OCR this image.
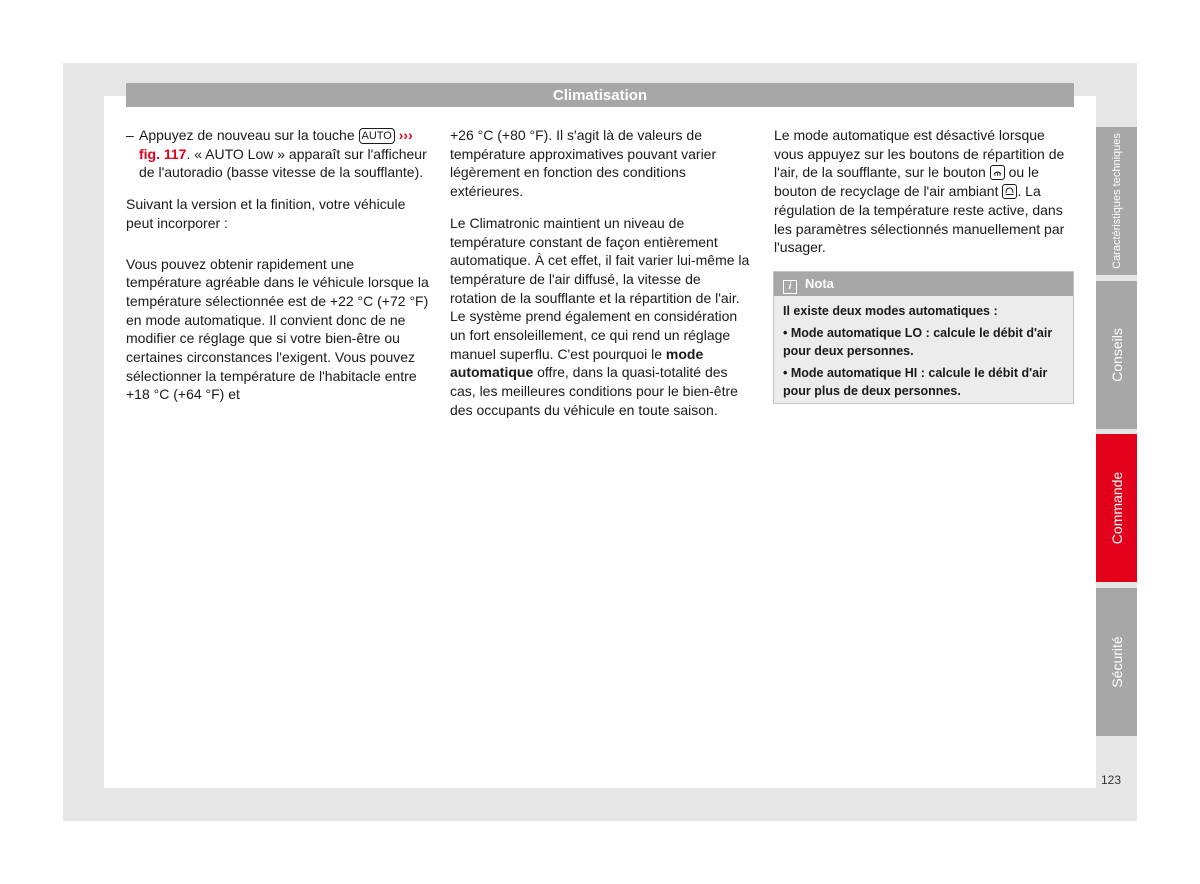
Climatisation

– Appuyez de nouveau sur la touche AUTO ››› fig. 117. « AUTO Low » apparaît sur l'afficheur de l'autoradio (basse vitesse de la soufflante).

Suivant la version et la finition, votre véhicule peut incorporer :

Vous pouvez obtenir rapidement une température agréable dans le véhicule lorsque la température sélectionnée est de +22 °C (+72 °F) en mode automatique. Il convient donc de ne modifier ce réglage que si votre bien-être ou certaines circonstances l'exigent. Vous pouvez sélectionner la température de l'habitacle entre +18 °C (+64 °F) et

+26 °C (+80 °F). Il s'agit là de valeurs de température approximatives pouvant varier légèrement en fonction des conditions extérieures.

Le Climatronic maintient un niveau de température constant de façon entièrement automatique. À cet effet, il fait varier lui-même la température de l'air diffusé, la vitesse de rotation de la soufflante et la répartition de l'air. Le système prend également en considération un fort ensoleillement, ce qui rend un réglage manuel superflu. C'est pourquoi le mode automatique offre, dans la quasi-totalité des cas, les meilleures conditions pour le bien-être des occupants du véhicule en toute saison.

Le mode automatique est désactivé lorsque vous appuyez sur les boutons de répartition de l'air, de la soufflante, sur le bouton ou le bouton de recyclage de l'air ambiant . La régulation de la température reste active, dans les paramètres sélectionnés manuellement par l'usager.

i Nota

Il existe deux modes automatiques :

• Mode automatique LO : calcule le débit d'air pour deux personnes.

• Mode automatique HI : calcule le débit d'air pour plus de deux personnes.

Caractéristiques techniques
Conseils
Commande
Sécurité
123
